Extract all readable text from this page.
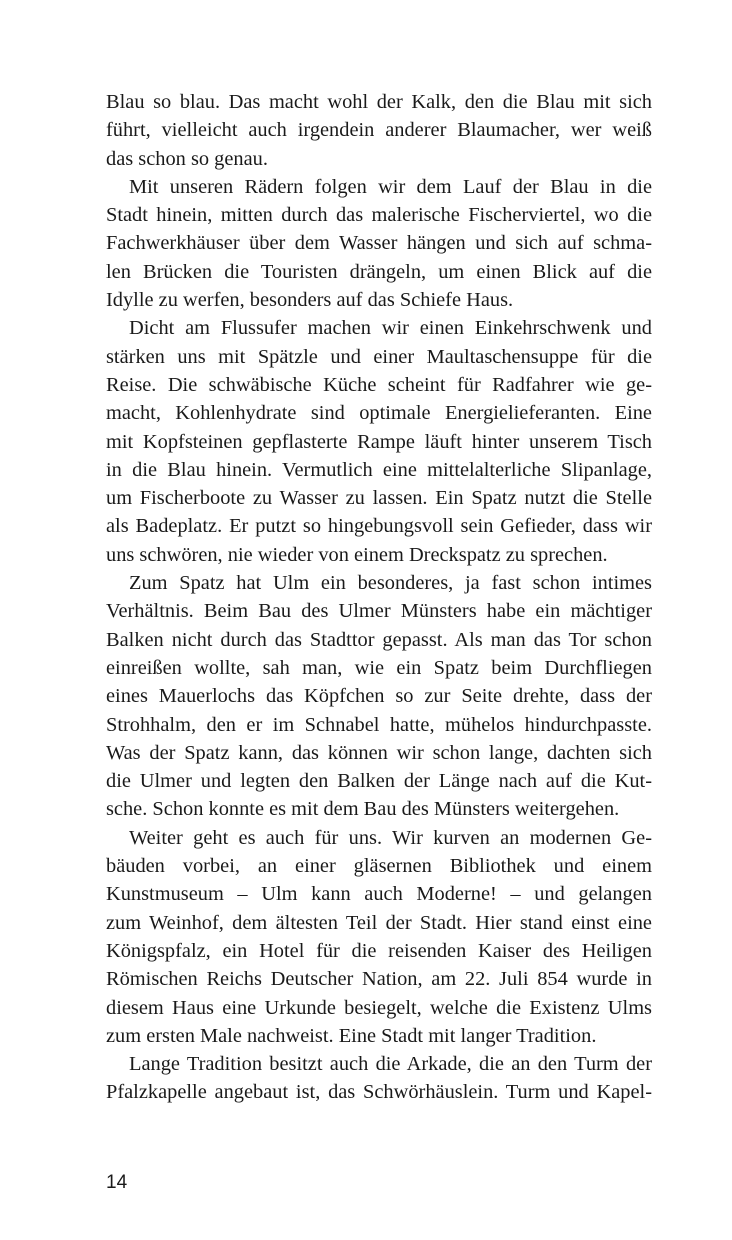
Blau so blau. Das macht wohl der Kalk, den die Blau mit sich
führt, vielleicht auch irgendein anderer Blaumacher, wer weiß
das schon so genau.
Mit unseren Rädern folgen wir dem Lauf der Blau in die
Stadt hinein, mitten durch das malerische Fischerviertel, wo die
Fachwerkhäuser über dem Wasser hängen und sich auf schma-
len Brücken die Touristen drängeln, um einen Blick auf die
Idylle zu werfen, besonders auf das Schiefe Haus.
Dicht am Flussufer machen wir einen Einkehrschwenk und
stärken uns mit Spätzle und einer Maultaschensuppe für die
Reise. Die schwäbische Küche scheint für Radfahrer wie ge-
macht, Kohlenhydrate sind optimale Energielieferanten. Eine
mit Kopfsteinen gepflasterte Rampe läuft hinter unserem Tisch
in die Blau hinein. Vermutlich eine mittelalterliche Slipanlage,
um Fischerboote zu Wasser zu lassen. Ein Spatz nutzt die Stelle
als Badeplatz. Er putzt so hingebungsvoll sein Gefieder, dass wir
uns schwören, nie wieder von einem Dreckspatz zu sprechen.
Zum Spatz hat Ulm ein besonderes, ja fast schon intimes
Verhältnis. Beim Bau des Ulmer Münsters habe ein mächtiger
Balken nicht durch das Stadttor gepasst. Als man das Tor schon
einreißen wollte, sah man, wie ein Spatz beim Durchfliegen
eines Mauerlochs das Köpfchen so zur Seite drehte, dass der
Strohhalm, den er im Schnabel hatte, mühelos hindurchpasste.
Was der Spatz kann, das können wir schon lange, dachten sich
die Ulmer und legten den Balken der Länge nach auf die Kut-
sche. Schon konnte es mit dem Bau des Münsters weitergehen.
Weiter geht es auch für uns. Wir kurven an modernen Ge-
bäuden vorbei, an einer gläsernen Bibliothek und einem
Kunstmuseum – Ulm kann auch Moderne! – und gelangen
zum Weinhof, dem ältesten Teil der Stadt. Hier stand einst eine
Königspfalz, ein Hotel für die reisenden Kaiser des Heiligen
Römischen Reichs Deutscher Nation, am 22. Juli 854 wurde in
diesem Haus eine Urkunde besiegelt, welche die Existenz Ulms
zum ersten Male nachweist. Eine Stadt mit langer Tradition.
Lange Tradition besitzt auch die Arkade, die an den Turm der
Pfalzkapelle angebaut ist, das Schwörhäuslein. Turm und Kapel-
14
